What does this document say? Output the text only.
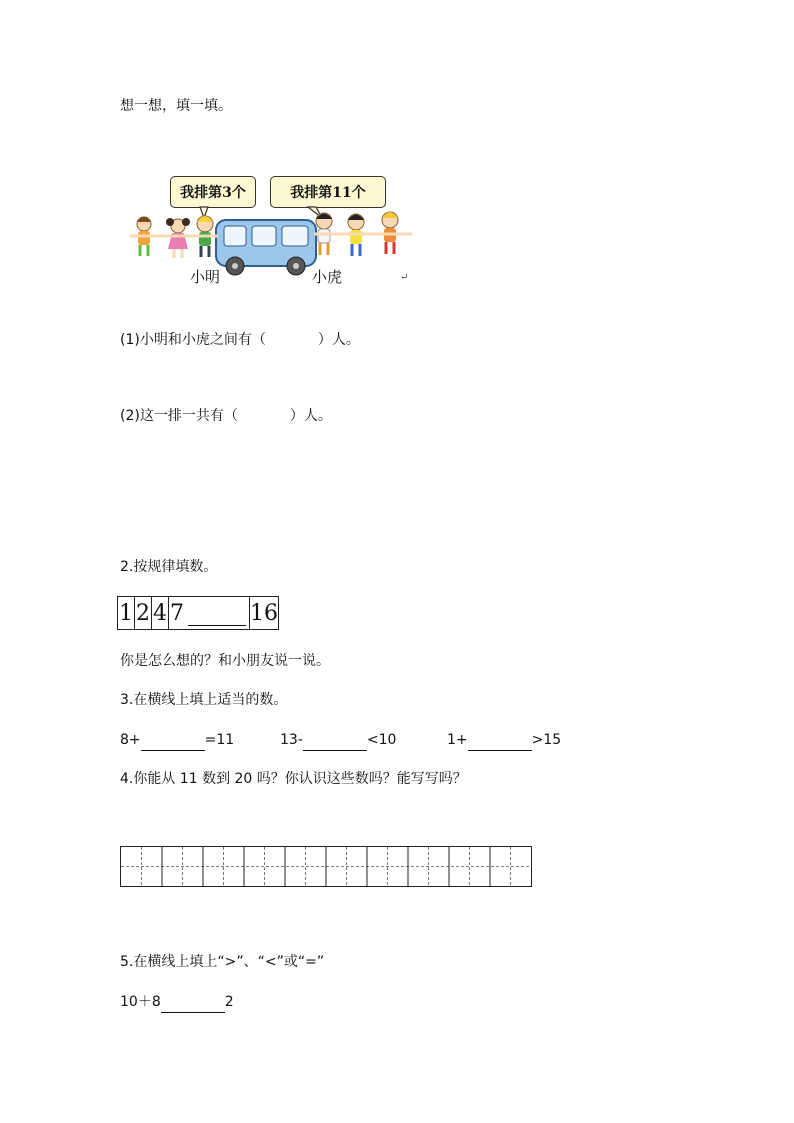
想一想，填一填。
我排第3个	我排第11个
小明	小虎	↵
(1)小明和小虎之间有（	）人。
(2)这一排一共有（	）人。
2.按规律填数。
1 2 4 7	16
你是怎么想的？和小朋友说一说。
3.在横线上填上适当的数。
8+	=11	13-	<10	1+	>15
4.你能从 11 数到 20 吗？你认识这些数吗？能写写吗？
5.在横线上填上“>”、“<”或“=”
10＋8	2
